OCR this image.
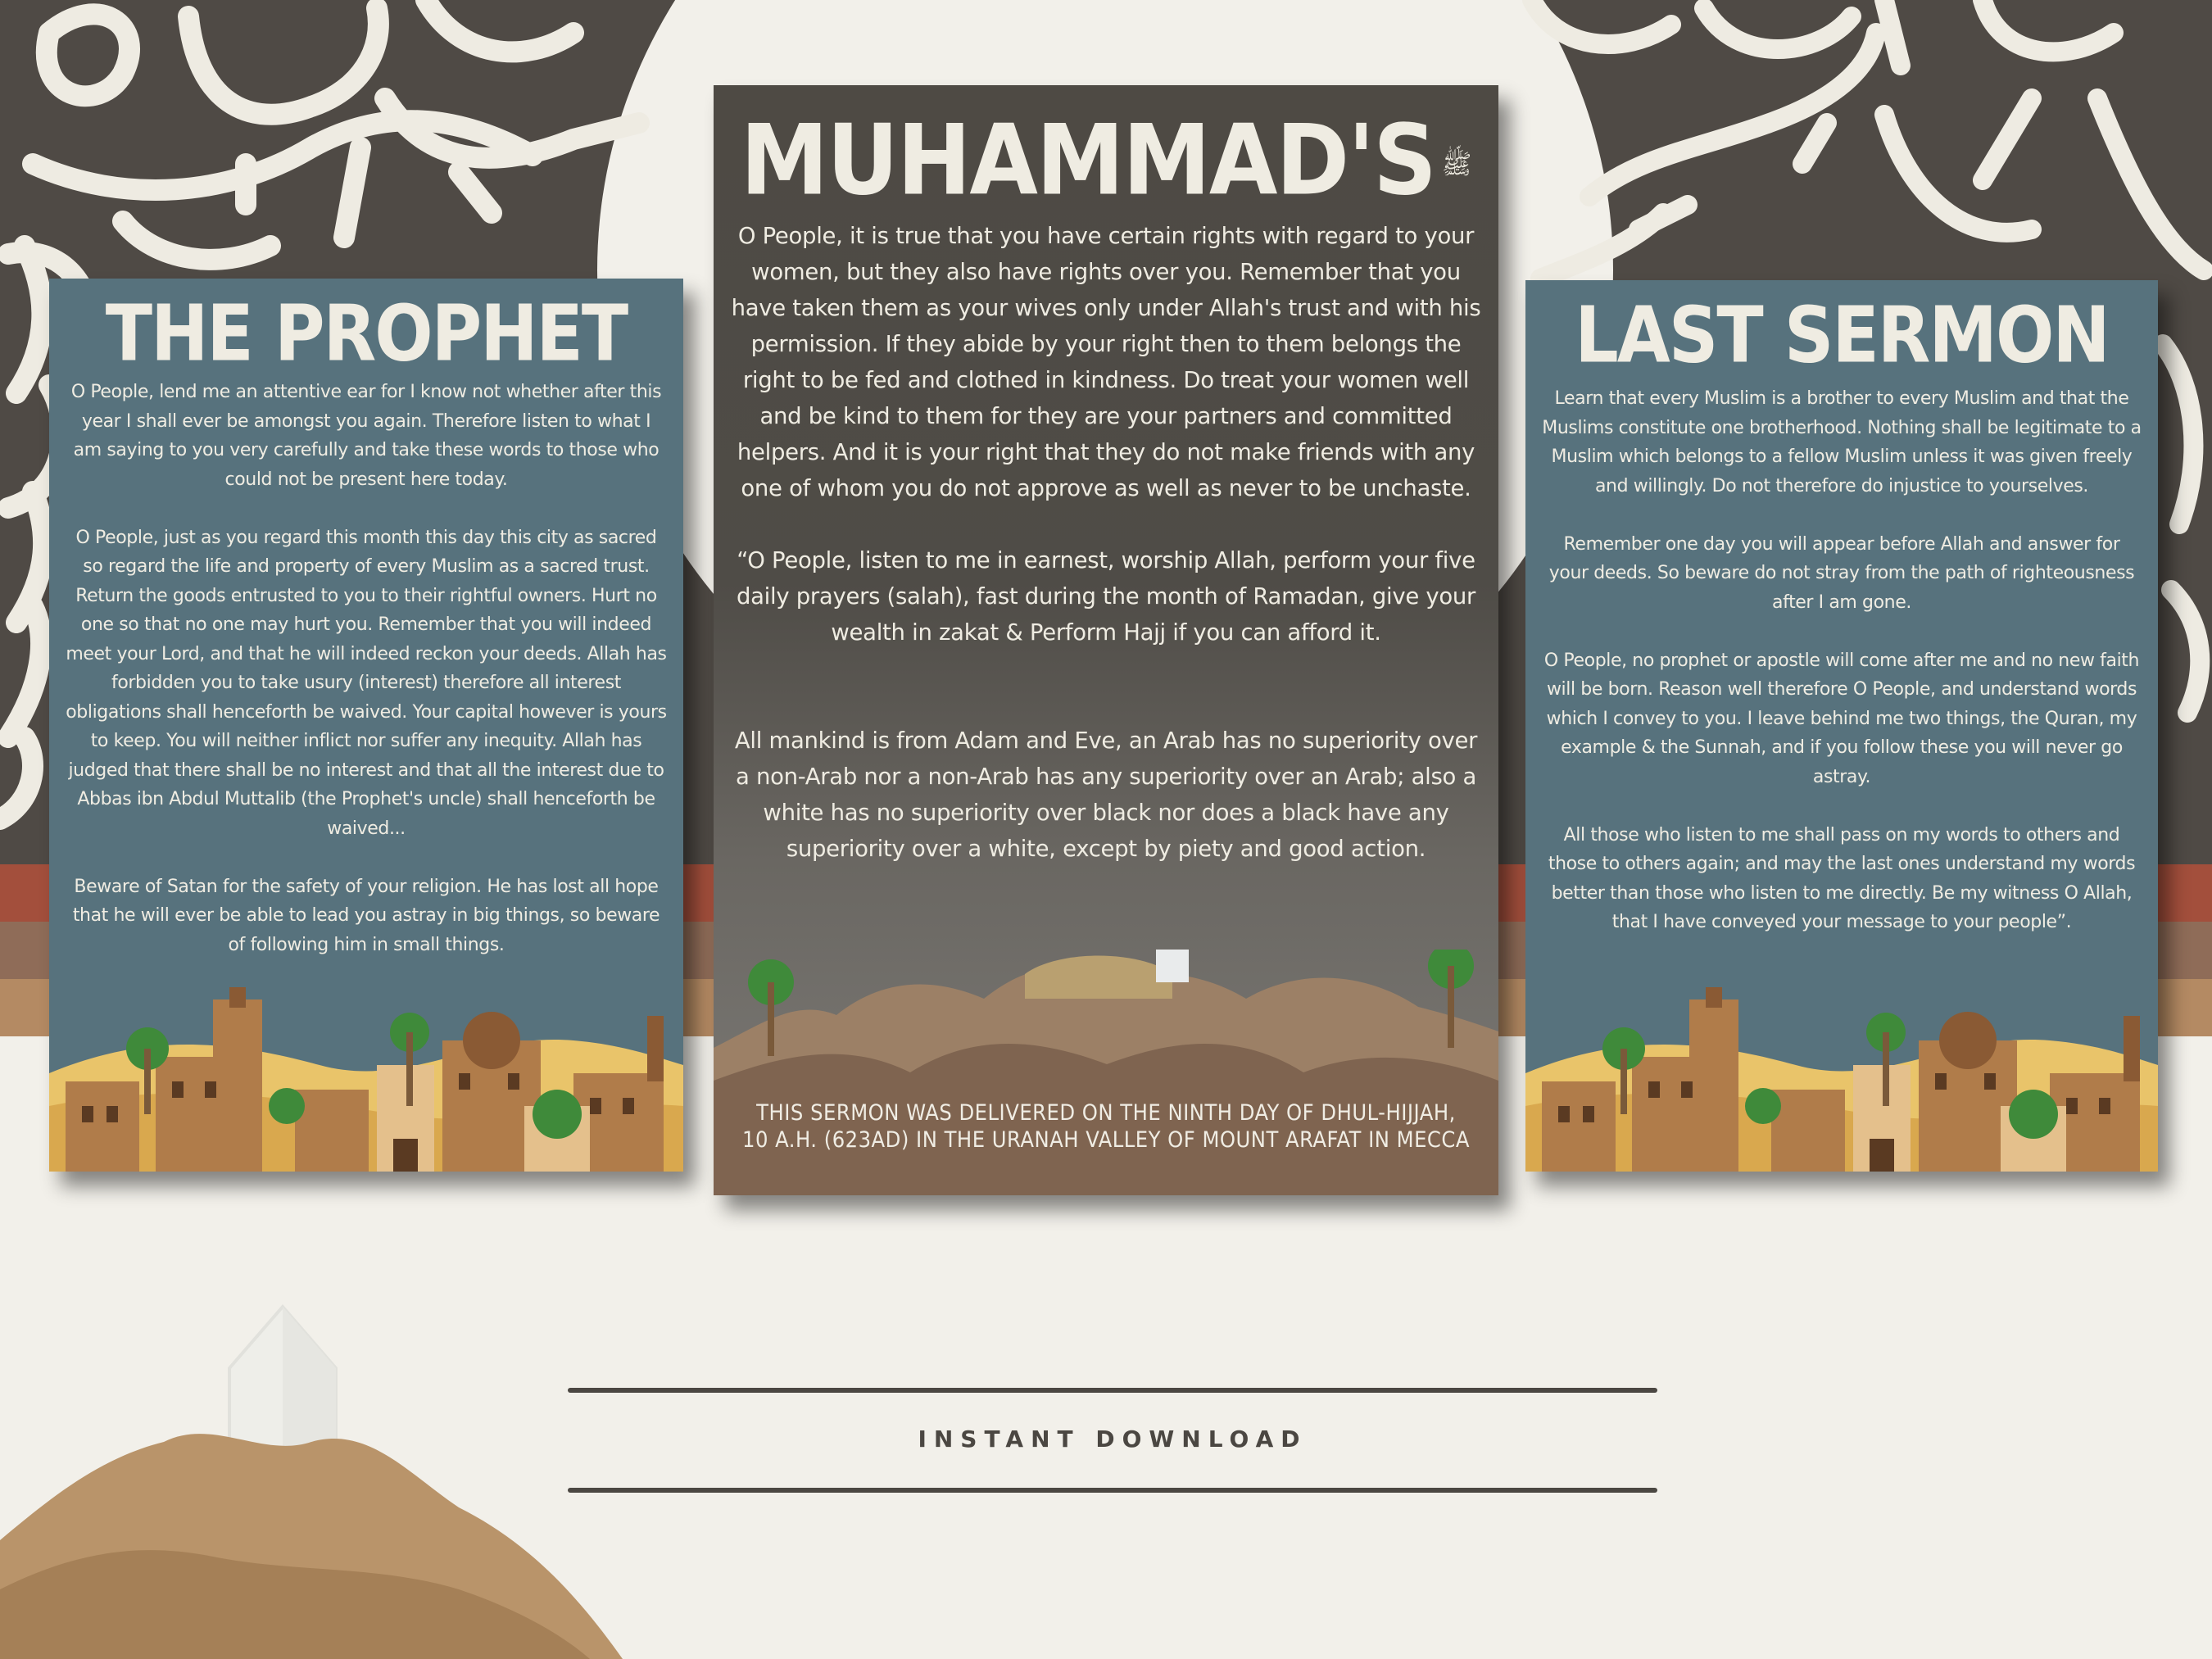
THE PROPHET

O People, lend me an attentive ear for I know not whether after this year I shall ever be amongst you again. Therefore listen to what I am saying to you very carefully and take these words to those who could not be present here today.

O People, just as you regard this month this day this city as sacred so regard the life and property of every Muslim as a sacred trust. Return the goods entrusted to you to their rightful owners. Hurt no one so that no one may hurt you. Remember that you will indeed meet your Lord, and that he will indeed reckon your deeds. Allah has forbidden you to take usury (interest) therefore all interest obligations shall henceforth be waived. Your capital however is yours to keep. You will neither inflict nor suffer any inequity. Allah has judged that there shall be no interest and that all the interest due to Abbas ibn Abdul Muttalib (the Prophet's uncle) shall henceforth be waived...

Beware of Satan for the safety of your religion. He has lost all hope that he will ever be able to lead you astray in big things, so beware of following him in small things.

MUHAMMAD'S ﷺ

O People, it is true that you have certain rights with regard to your women, but they also have rights over you. Remember that you have taken them as your wives only under Allah's trust and with his permission. If they abide by your right then to them belongs the right to be fed and clothed in kindness. Do treat your women well and be kind to them for they are your partners and committed helpers. And it is your right that they do not make friends with any one of whom you do not approve as well as never to be unchaste.

“O People, listen to me in earnest, worship Allah, perform your five daily prayers (salah), fast during the month of Ramadan, give your wealth in zakat & Perform Hajj if you can afford it.

All mankind is from Adam and Eve, an Arab has no superiority over a non-Arab nor a non-Arab has any superiority over an Arab; also a white has no superiority over black nor does a black have any superiority over a white, except by piety and good action.

THIS SERMON WAS DELIVERED ON THE NINTH DAY OF DHUL-HIJJAH,
10 A.H. (623AD) IN THE URANAH VALLEY OF MOUNT ARAFAT IN MECCA
LAST SERMON

Learn that every Muslim is a brother to every Muslim and that the Muslims constitute one brotherhood. Nothing shall be legitimate to a Muslim which belongs to a fellow Muslim unless it was given freely and willingly. Do not therefore do injustice to yourselves.

Remember one day you will appear before Allah and answer for your deeds. So beware do not stray from the path of righteousness after I am gone.

O People, no prophet or apostle will come after me and no new faith will be born. Reason well therefore O People, and understand words which I convey to you. I leave behind me two things, the Quran, my example & the Sunnah, and if you follow these you will never go astray.

All those who listen to me shall pass on my words to others and those to others again; and may the last ones understand my words better than those who listen to me directly. Be my witness O Allah, that I have conveyed your message to your people”.

INSTANT DOWNLOAD
